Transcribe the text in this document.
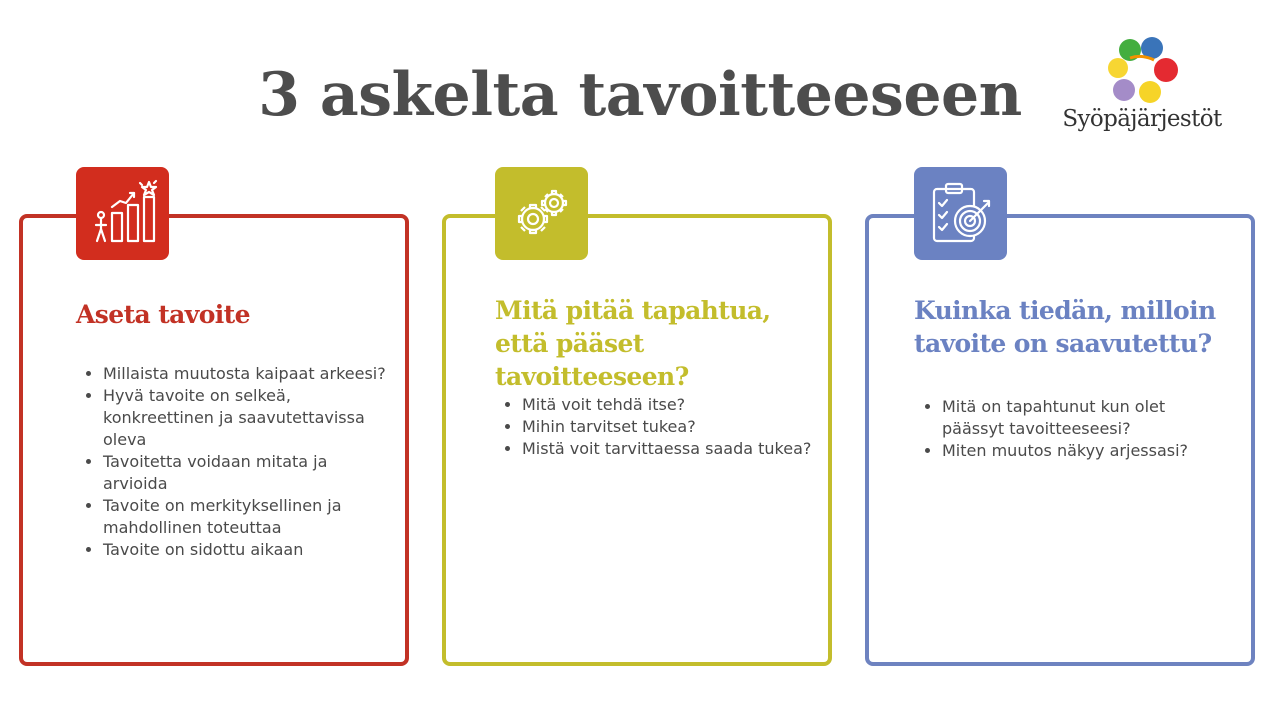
3 askelta tavoitteeseen	Syöpäjärjestöt
Aseta tavoite
• Millaista muutosta kaipaat arkeesi?
• Hyvä tavoite on selkeä, konkreettinen ja saavutettavissa oleva
• Tavoitetta voidaan mitata ja arvioida
• Tavoite on merkityksellinen ja mahdollinen toteuttaa
• Tavoite on sidottu aikaan
Mitä pitää tapahtua, että pääset tavoitteeseen?
• Mitä voit tehdä itse?
• Mihin tarvitset tukea?
• Mistä voit tarvittaessa saada tukea?
Kuinka tiedän, milloin tavoite on saavutettu?
• Mitä on tapahtunut kun olet päässyt tavoitteeseesi?
• Miten muutos näkyy arjessasi?
